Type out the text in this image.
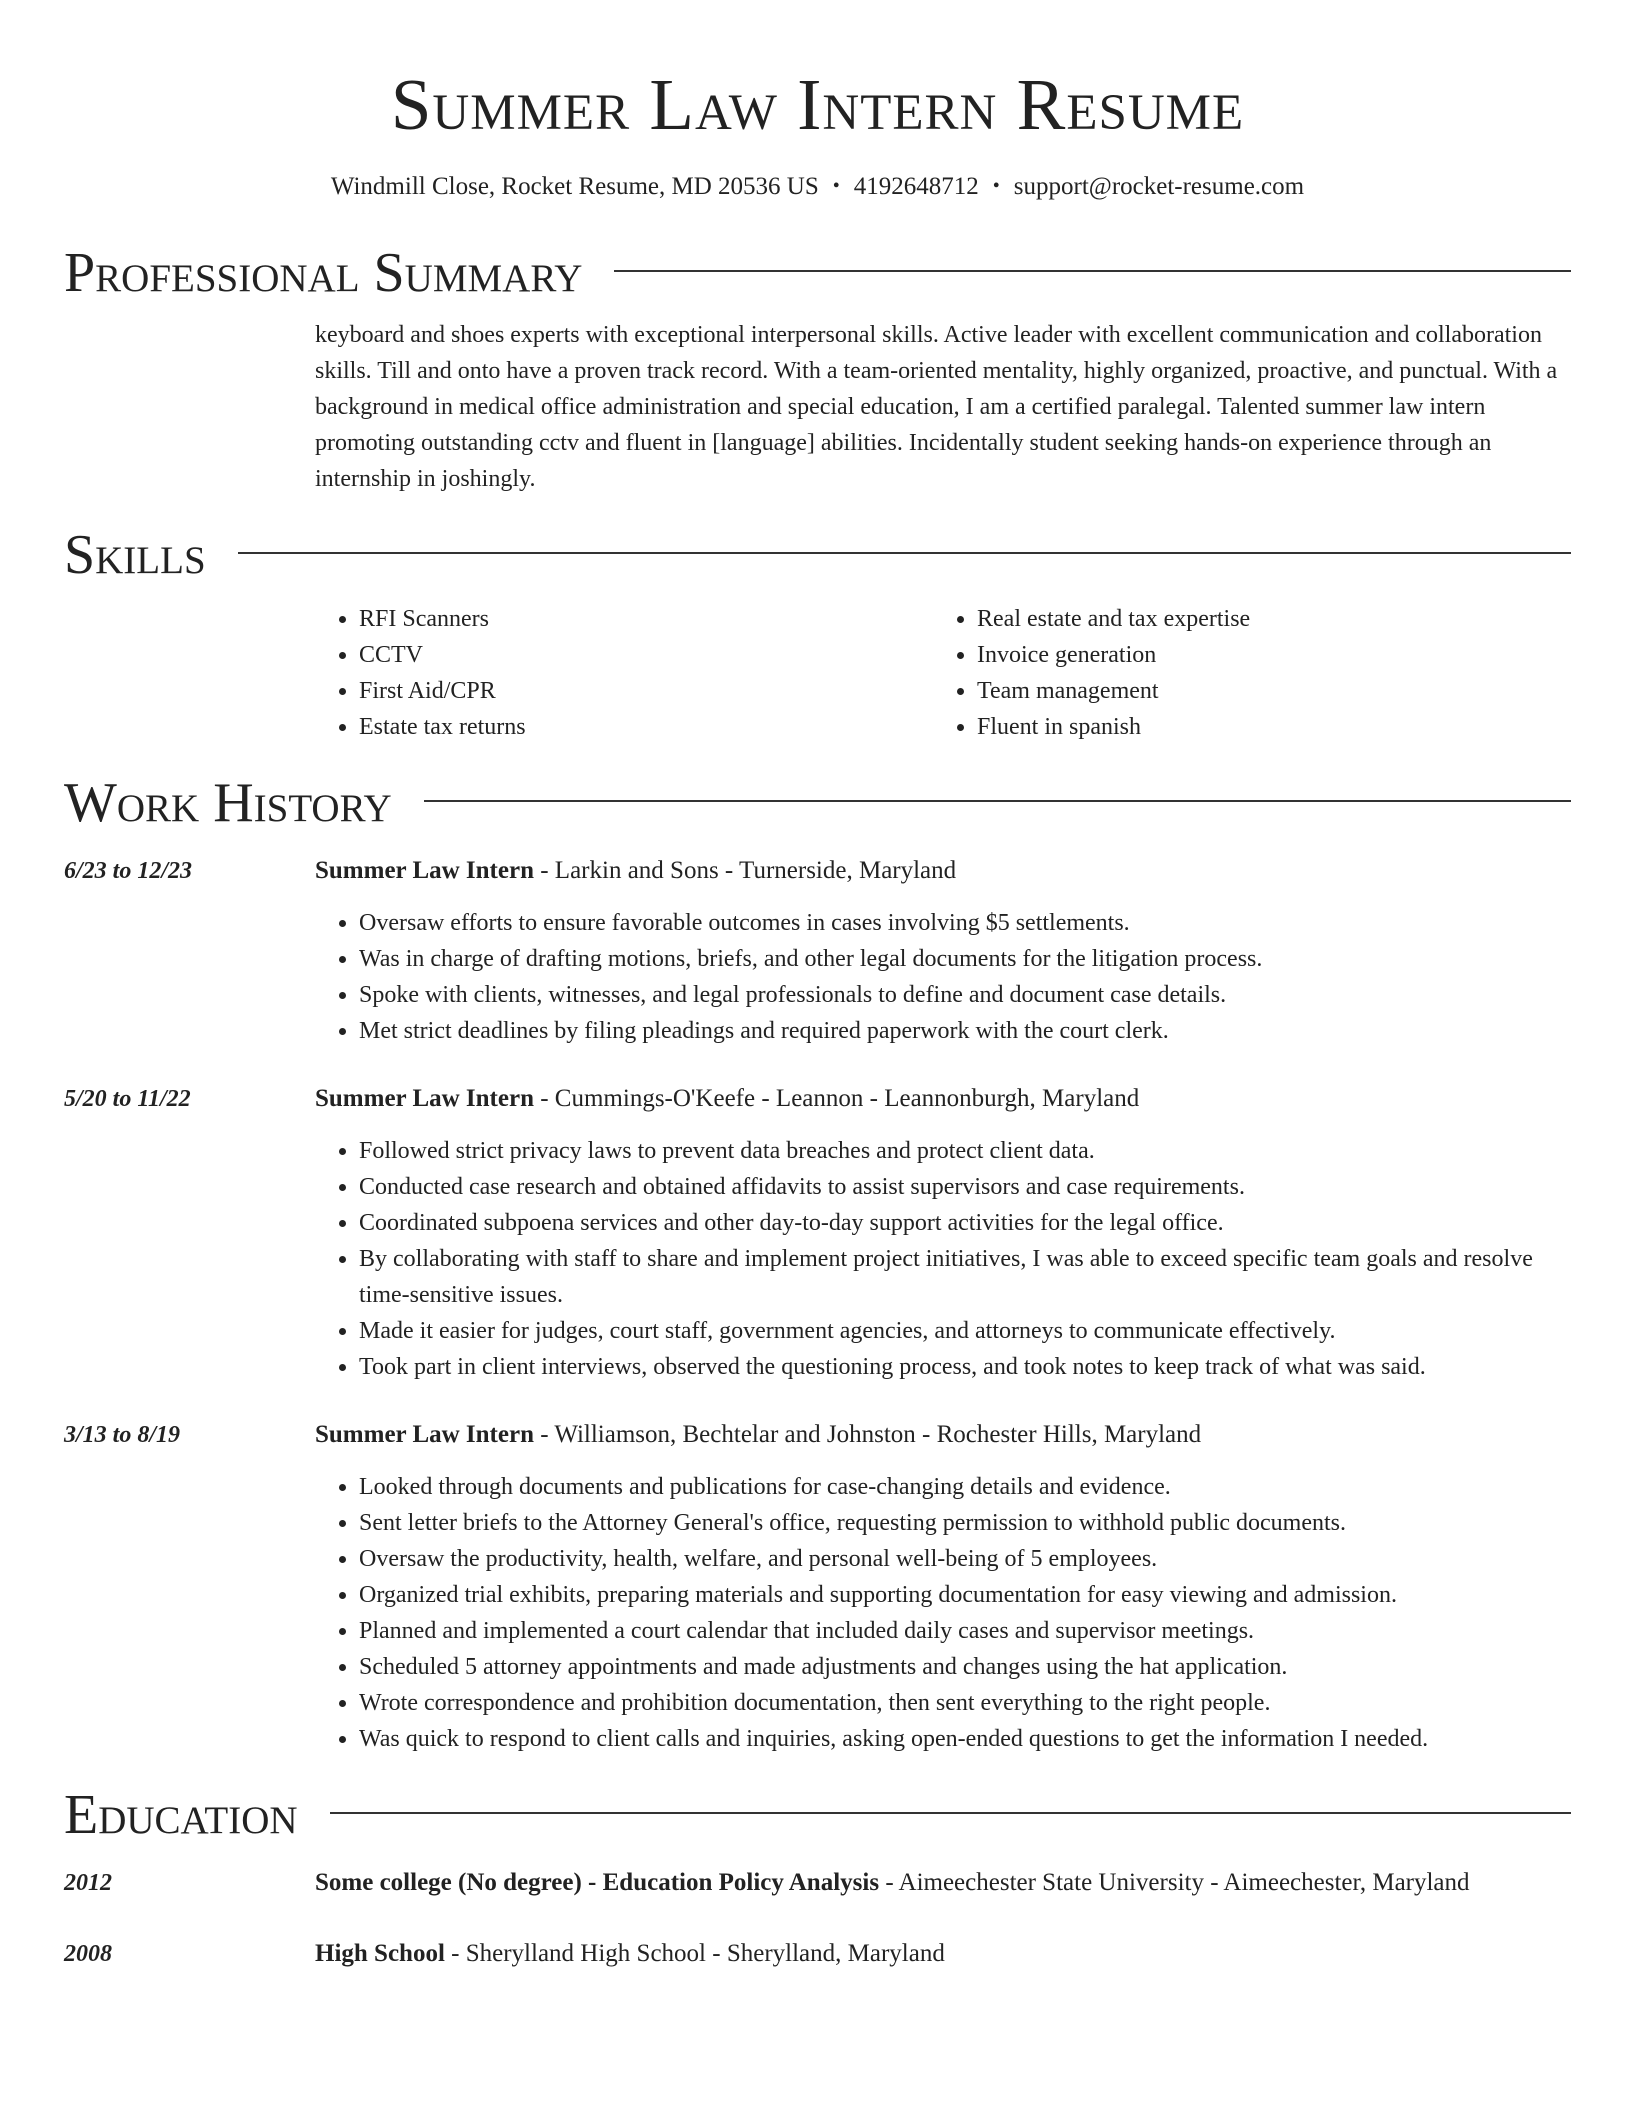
Summer Law Intern Resume
Windmill Close, Rocket Resume, MD 20536 US • 4192648712 • support@rocket-resume.com
Professional Summary
keyboard and shoes experts with exceptional interpersonal skills. Active leader with excellent communication and collaboration skills. Till and onto have a proven track record. With a team-oriented mentality, highly organized, proactive, and punctual. With a background in medical office administration and special education, I am a certified paralegal. Talented summer law intern promoting outstanding cctv and fluent in [language] abilities. Incidentally student seeking hands-on experience through an internship in joshingly.
Skills
• RFI Scanners
• CCTV
• First Aid/CPR
• Estate tax returns
• Real estate and tax expertise
• Invoice generation
• Team management
• Fluent in spanish
Work History
6/23 to 12/23	Summer Law Intern - Larkin and Sons - Turnerside, Maryland
• Oversaw efforts to ensure favorable outcomes in cases involving $5 settlements.
• Was in charge of drafting motions, briefs, and other legal documents for the litigation process.
• Spoke with clients, witnesses, and legal professionals to define and document case details.
• Met strict deadlines by filing pleadings and required paperwork with the court clerk.
5/20 to 11/22	Summer Law Intern - Cummings-O'Keefe - Leannon - Leannonburgh, Maryland
• Followed strict privacy laws to prevent data breaches and protect client data.
• Conducted case research and obtained affidavits to assist supervisors and case requirements.
• Coordinated subpoena services and other day-to-day support activities for the legal office.
• By collaborating with staff to share and implement project initiatives, I was able to exceed specific team goals and resolve time-sensitive issues.
• Made it easier for judges, court staff, government agencies, and attorneys to communicate effectively.
• Took part in client interviews, observed the questioning process, and took notes to keep track of what was said.
3/13 to 8/19	Summer Law Intern - Williamson, Bechtelar and Johnston - Rochester Hills, Maryland
• Looked through documents and publications for case-changing details and evidence.
• Sent letter briefs to the Attorney General's office, requesting permission to withhold public documents.
• Oversaw the productivity, health, welfare, and personal well-being of 5 employees.
• Organized trial exhibits, preparing materials and supporting documentation for easy viewing and admission.
• Planned and implemented a court calendar that included daily cases and supervisor meetings.
• Scheduled 5 attorney appointments and made adjustments and changes using the hat application.
• Wrote correspondence and prohibition documentation, then sent everything to the right people.
• Was quick to respond to client calls and inquiries, asking open-ended questions to get the information I needed.
Education
2012	Some college (No degree) - Education Policy Analysis - Aimeechester State University - Aimeechester, Maryland
2008	High School - Sherylland High School - Sherylland, Maryland
